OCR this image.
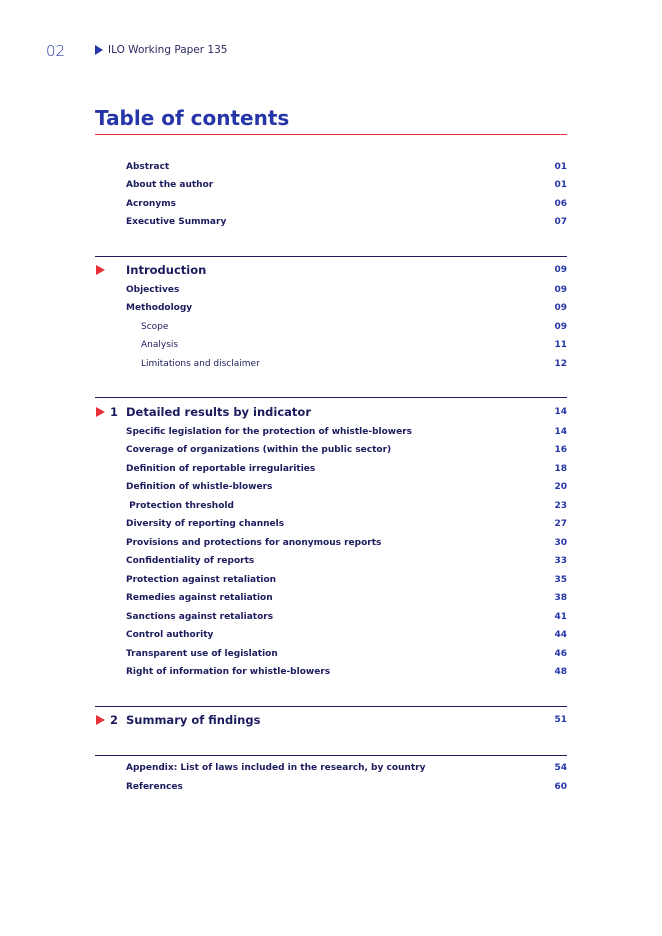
02	ILO Working Paper 135
Table of contents
Abstract	01
About the author	01
Acronyms	06
Executive Summary	07
Introduction	09
Objectives	09
Methodology	09
Scope	09
Analysis	11
Limitations and disclaimer	12
1 Detailed results by indicator	14
Specific legislation for the protection of whistle-blowers	14
Coverage of organizations (within the public sector)	16
Definition of reportable irregularities	18
Definition of whistle-blowers	20
Protection threshold	23
Diversity of reporting channels	27
Provisions and protections for anonymous reports	30
Confidentiality of reports	33
Protection against retaliation	35
Remedies against retaliation	38
Sanctions against retaliators	41
Control authority	44
Transparent use of legislation	46
Right of information for whistle-blowers	48
2 Summary of findings	51
Appendix: List of laws included in the research, by country	54
References	60
